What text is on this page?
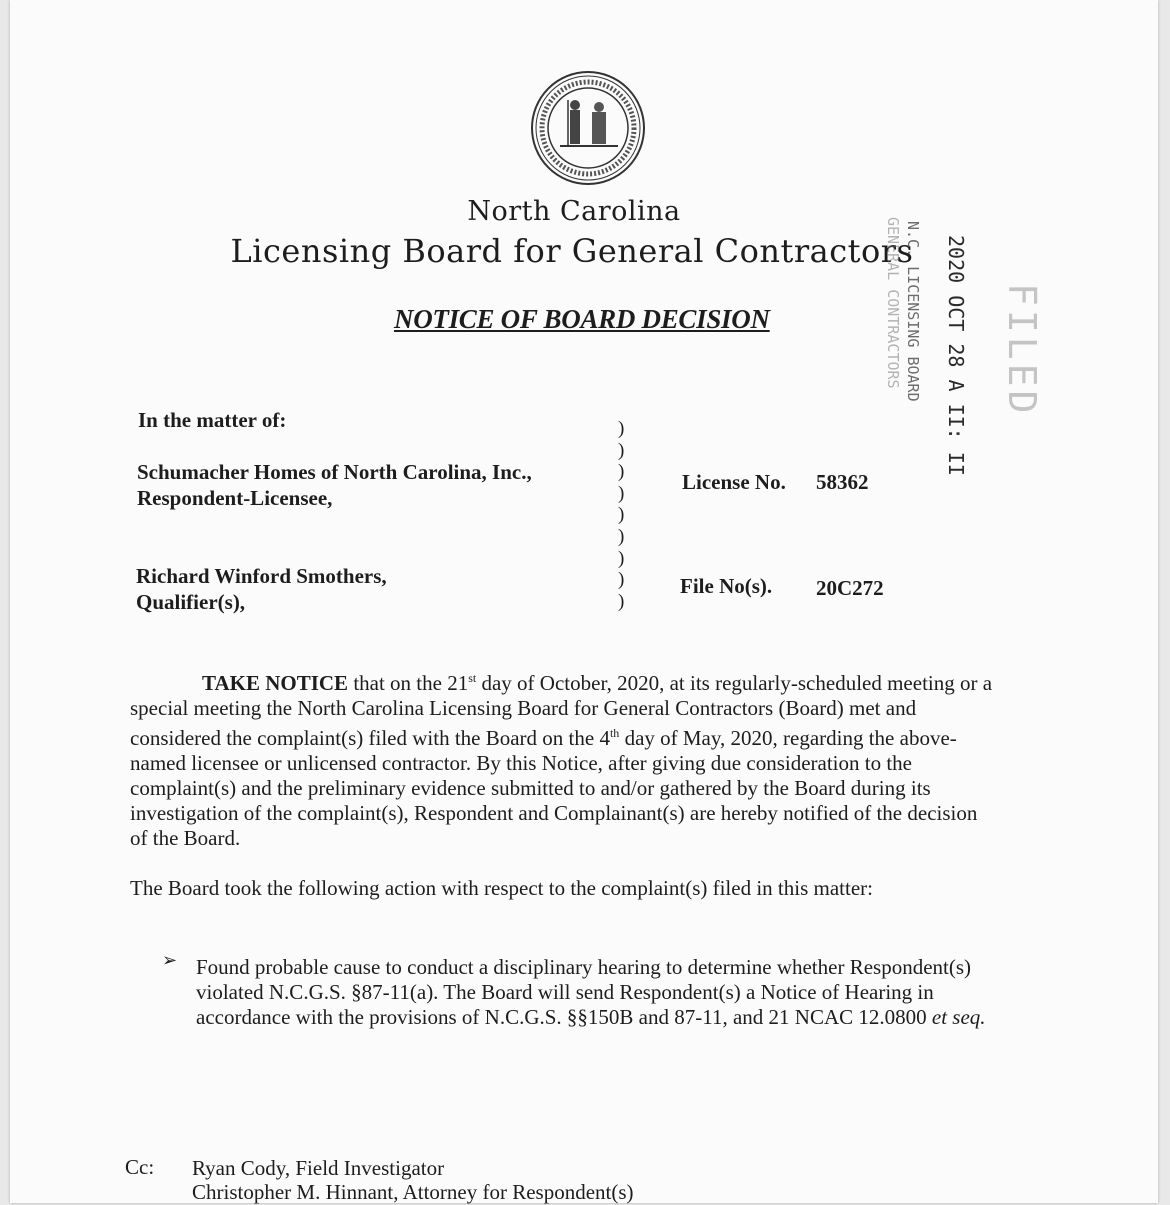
North Carolina
Licensing Board for General Contractors
NOTICE OF BOARD DECISION	2020 OCT 28 A II: II
N.C. LICENSING BOARD
GENERAL CONTRACTORS	FILED
In the matter of:
Schumacher Homes of North Carolina, Inc.,
Respondent-Licensee,
Richard Winford Smothers,
Qualifier(s),
)
)
)
)
)
)
)
)
)
License No. 58362
File No(s). 20C272
TAKE NOTICE that on the 21st day of October, 2020, at its regularly-scheduled meeting or a special meeting the North Carolina Licensing Board for General Contractors (Board) met and considered the complaint(s) filed with the Board on the 4th day of May, 2020, regarding the above-named licensee or unlicensed contractor. By this Notice, after giving due consideration to the complaint(s) and the preliminary evidence submitted to and/or gathered by the Board during its investigation of the complaint(s), Respondent and Complainant(s) are hereby notified of the decision of the Board.
The Board took the following action with respect to the complaint(s) filed in this matter:
➢ Found probable cause to conduct a disciplinary hearing to determine whether Respondent(s) violated N.C.G.S. §87-11(a). The Board will send Respondent(s) a Notice of Hearing in accordance with the provisions of N.C.G.S. §§150B and 87-11, and 21 NCAC 12.0800 et seq.
Cc: Ryan Cody, Field Investigator
Christopher M. Hinnant, Attorney for Respondent(s)
